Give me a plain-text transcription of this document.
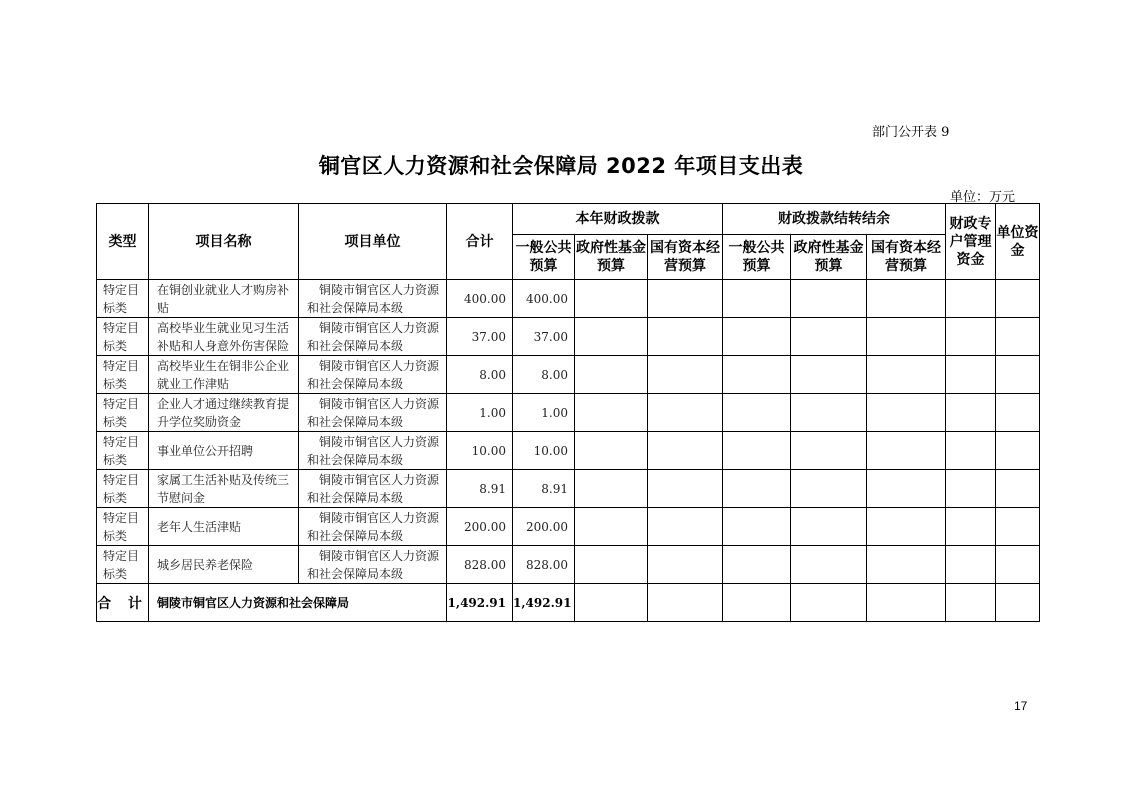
部门公开表 9
铜官区人力资源和社会保障局 2022 年项目支出表
单位：万元
类型	项目名称	项目单位	合计	本年财政拨款			财政拨款结转结余			财政专户管理资金	单位资金
				一般公共预算	政府性基金预算	国有资本经营预算	一般公共预算	政府性基金预算	国有资本经营预算		
特定目标类	在铜创业就业人才购房补贴	铜陵市铜官区人力资源
和社会保障局本级	400.00	400.00							
特定目标类	高校毕业生就业见习生活补贴和人身意外伤害保险	铜陵市铜官区人力资源
和社会保障局本级	37.00	37.00							
特定目标类	高校毕业生在铜非公企业就业工作津贴	铜陵市铜官区人力资源
和社会保障局本级	8.00	8.00							
特定目标类	企业人才通过继续教育提升学位奖励资金	铜陵市铜官区人力资源
和社会保障局本级	1.00	1.00							
特定目标类	事业单位公开招聘	铜陵市铜官区人力资源
和社会保障局本级	10.00	10.00							
特定目标类	家属工生活补贴及传统三节慰问金	铜陵市铜官区人力资源
和社会保障局本级	8.91	8.91							
特定目标类	老年人生活津贴	铜陵市铜官区人力资源
和社会保障局本级	200.00	200.00							
特定目标类	城乡居民养老保险	铜陵市铜官区人力资源
和社会保障局本级	828.00	828.00							
合 计	铜陵市铜官区人力资源和社会保障局		1,492.91	1,492.91							
17
